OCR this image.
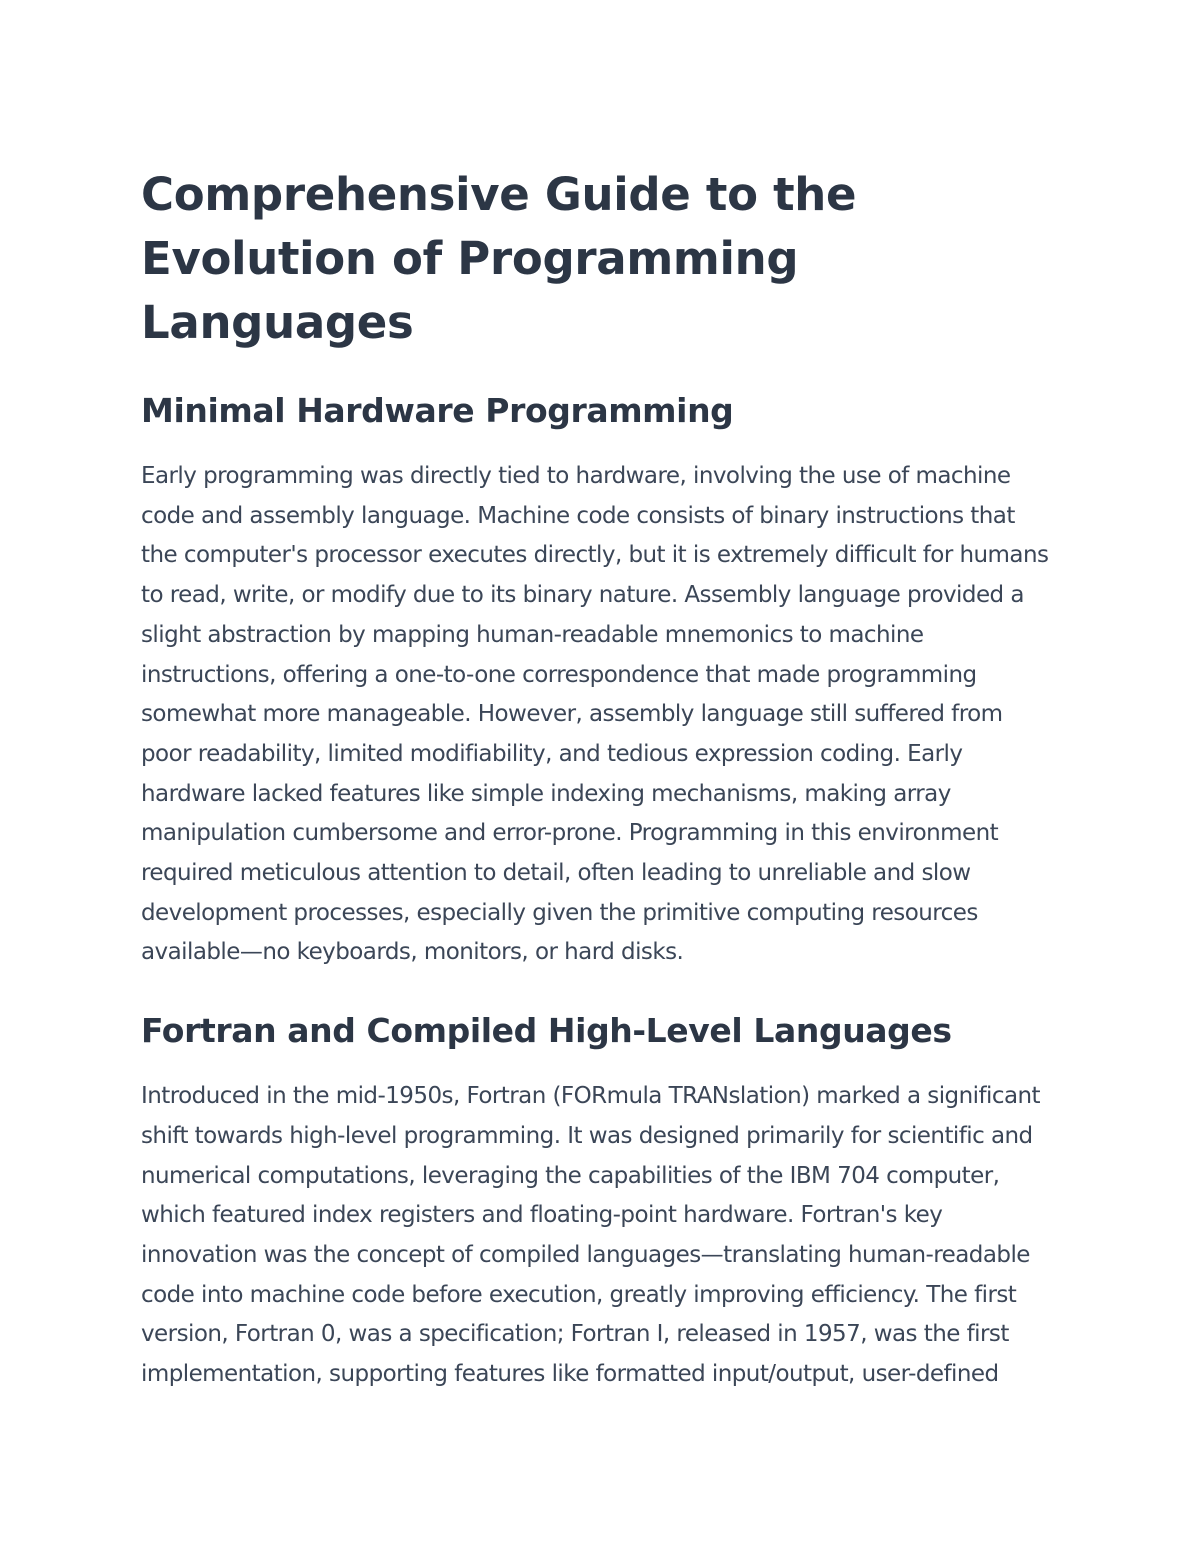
Comprehensive Guide to the Evolution of Programming Languages
Minimal Hardware Programming

Early programming was directly tied to hardware, involving the use of machine code and assembly language. Machine code consists of binary instructions that the computer's processor executes directly, but it is extremely difficult for humans to read, write, or modify due to its binary nature. Assembly language provided a slight abstraction by mapping human-readable mnemonics to machine instructions, offering a one-to-one correspondence that made programming somewhat more manageable. However, assembly language still suffered from poor readability, limited modifiability, and tedious expression coding. Early hardware lacked features like simple indexing mechanisms, making array manipulation cumbersome and error-prone. Programming in this environment required meticulous attention to detail, often leading to unreliable and slow development processes, especially given the primitive computing resources available—no keyboards, monitors, or hard disks.

Fortran and Compiled High-Level Languages

Introduced in the mid-1950s, Fortran (FORmula TRANslation) marked a significant shift towards high-level programming. It was designed primarily for scientific and numerical computations, leveraging the capabilities of the IBM 704 computer, which featured index registers and floating-point hardware. Fortran's key innovation was the concept of compiled languages—translating human-readable code into machine code before execution, greatly improving efficiency. The first version, Fortran 0, was a specification; Fortran I, released in 1957, was the first implementation, supporting features like formatted input/output, user-defined
